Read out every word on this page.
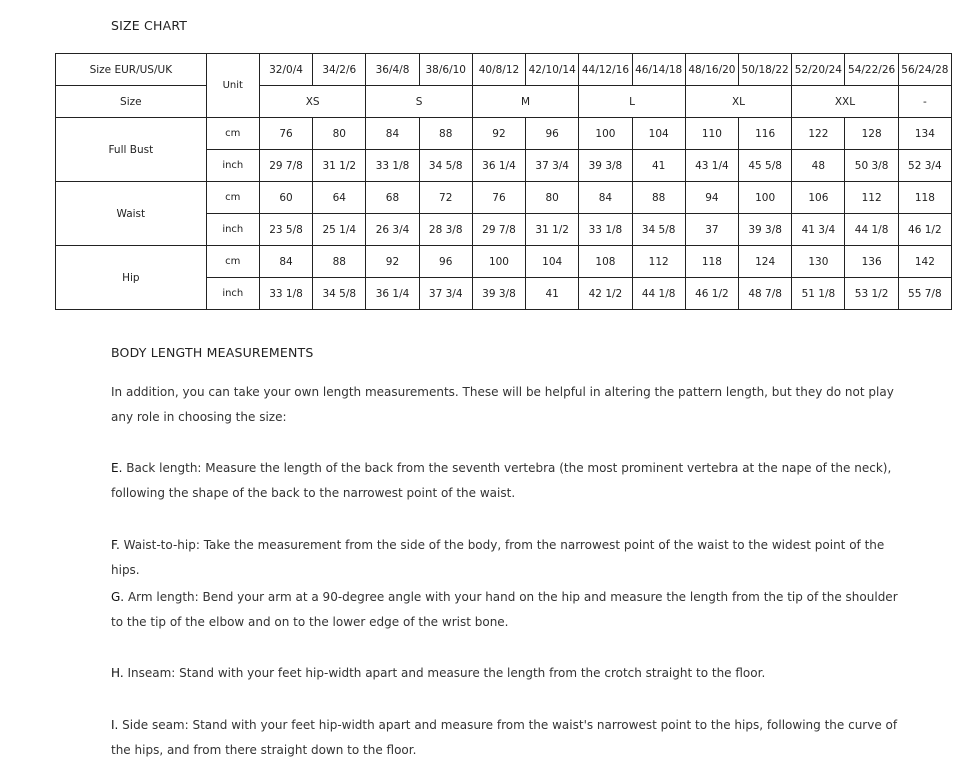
SIZE CHART
Size EUR/US/UK	Unit	32/0/4	34/2/6	36/4/8	38/6/10	40/8/12	42/10/14	44/12/16	46/14/18	48/16/20	50/18/22	52/20/24	54/22/26	56/24/28
Size		XS		S		M		L		XL		XXL		-
Full Bust	cm	76	80	84	88	92	96	100	104	110	116	122	128	134
	inch	29 7/8	31 1/2	33 1/8	34 5/8	36 1/4	37 3/4	39 3/8	41	43 1/4	45 5/8	48	50 3/8	52 3/4
Waist	cm	60	64	68	72	76	80	84	88	94	100	106	112	118
	inch	23 5/8	25 1/4	26 3/4	28 3/8	29 7/8	31 1/2	33 1/8	34 5/8	37	39 3/8	41 3/4	44 1/8	46 1/2
Hip	cm	84	88	92	96	100	104	108	112	118	124	130	136	142
	inch	33 1/8	34 5/8	36 1/4	37 3/4	39 3/8	41	42 1/2	44 1/8	46 1/2	48 7/8	51 1/8	53 1/2	55 7/8
BODY LENGTH MEASUREMENTS
In addition, you can take your own length measurements. These will be helpful in altering the pattern length, but they do not play any role in choosing the size:
E. Back length: Measure the length of the back from the seventh vertebra (the most prominent vertebra at the nape of the neck), following the shape of the back to the narrowest point of the waist.
F. Waist-to-hip: Take the measurement from the side of the body, from the narrowest point of the waist to the widest point of the hips.
G. Arm length: Bend your arm at a 90-degree angle with your hand on the hip and measure the length from the tip of the shoulder to the tip of the elbow and on to the lower edge of the wrist bone.
H. Inseam: Stand with your feet hip-width apart and measure the length from the crotch straight to the floor.
I. Side seam: Stand with your feet hip-width apart and measure from the waist's narrowest point to the hips, following the curve of the hips, and from there straight down to the floor.
